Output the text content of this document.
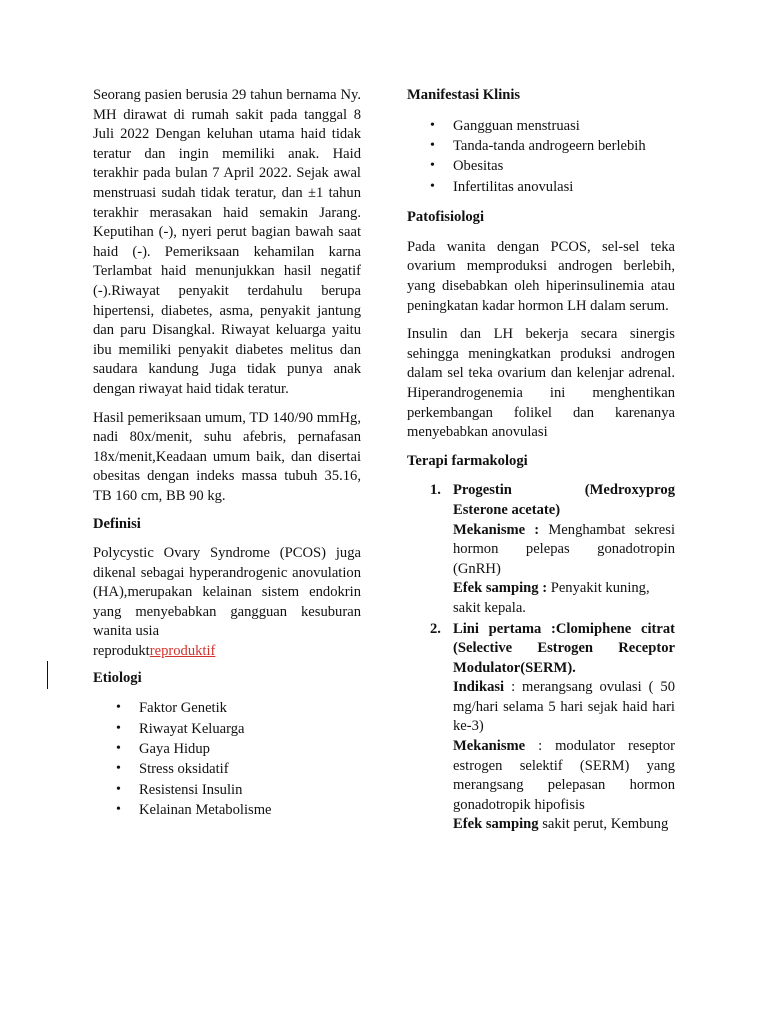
Seorang pasien berusia 29 tahun bernama Ny. MH dirawat di rumah sakit pada tanggal 8 Juli 2022 Dengan keluhan utama haid tidak teratur dan ingin memiliki anak. Haid terakhir pada bulan 7 April 2022. Sejak awal menstruasi sudah tidak teratur, dan ±1 tahun terakhir merasakan haid semakin Jarang. Keputihan (-), nyeri perut bagian bawah saat haid (-). Pemeriksaan kehamilan karna Terlambat haid menunjukkan hasil negatif (-).Riwayat penyakit terdahulu berupa hipertensi, diabetes, asma, penyakit jantung dan paru Disangkal. Riwayat keluarga yaitu ibu memiliki penyakit diabetes melitus dan saudara kandung Juga tidak punya anak dengan riwayat haid tidak teratur.

Hasil pemeriksaan umum, TD 140/90 mmHg, nadi 80x/menit, suhu afebris, pernafasan 18x/menit,Keadaan umum baik, dan disertai obesitas dengan indeks massa tubuh 35.16, TB 160 cm, BB 90 kg.

Definisi

Polycystic Ovary Syndrome (PCOS) juga dikenal sebagai hyperandrogenic anovulation (HA),merupakan kelainan sistem endokrin yang menyebabkan gangguan kesuburan wanita usia
reproduktreproduktif

Etiologi
• Faktor Genetik
• Riwayat Keluarga
• Gaya Hidup
• Stress oksidatif
• Resistensi Insulin
• Kelainan Metabolisme
Manifestasi Klinis
• Gangguan menstruasi
• Tanda-tanda androgeern berlebih
• Obesitas
• Infertilitas anovulasi
Patofisiologi

Pada wanita dengan PCOS, sel-sel teka ovarium memproduksi androgen berlebih, yang disebabkan oleh hiperinsulinemia atau peningkatan kadar hormon LH dalam serum.

Insulin dan LH bekerja secara sinergis sehingga meningkatkan produksi androgen dalam sel teka ovarium dan kelenjar adrenal. Hiperandrogenemia ini menghentikan perkembangan folikel dan karenanya menyebabkan anovulasi

Terapi farmakologi
1. Progestin (Medroxyprog
Esterone acetate)
Mekanisme : Menghambat sekresi hormon pelepas gonadotropin (GnRH)
Efek samping : Penyakit kuning, sakit kepala.
2. Lini pertama :Clomiphene citrat (Selective Estrogen Receptor Modulator(SERM).
Indikasi : merangsang ovulasi ( 50 mg/hari selama 5 hari sejak haid hari ke-3)
Mekanisme : modulator reseptor estrogen selektif (SERM) yang merangsang pelepasan hormon gonadotropik hipofisis
Efek samping sakit perut, Kembung
